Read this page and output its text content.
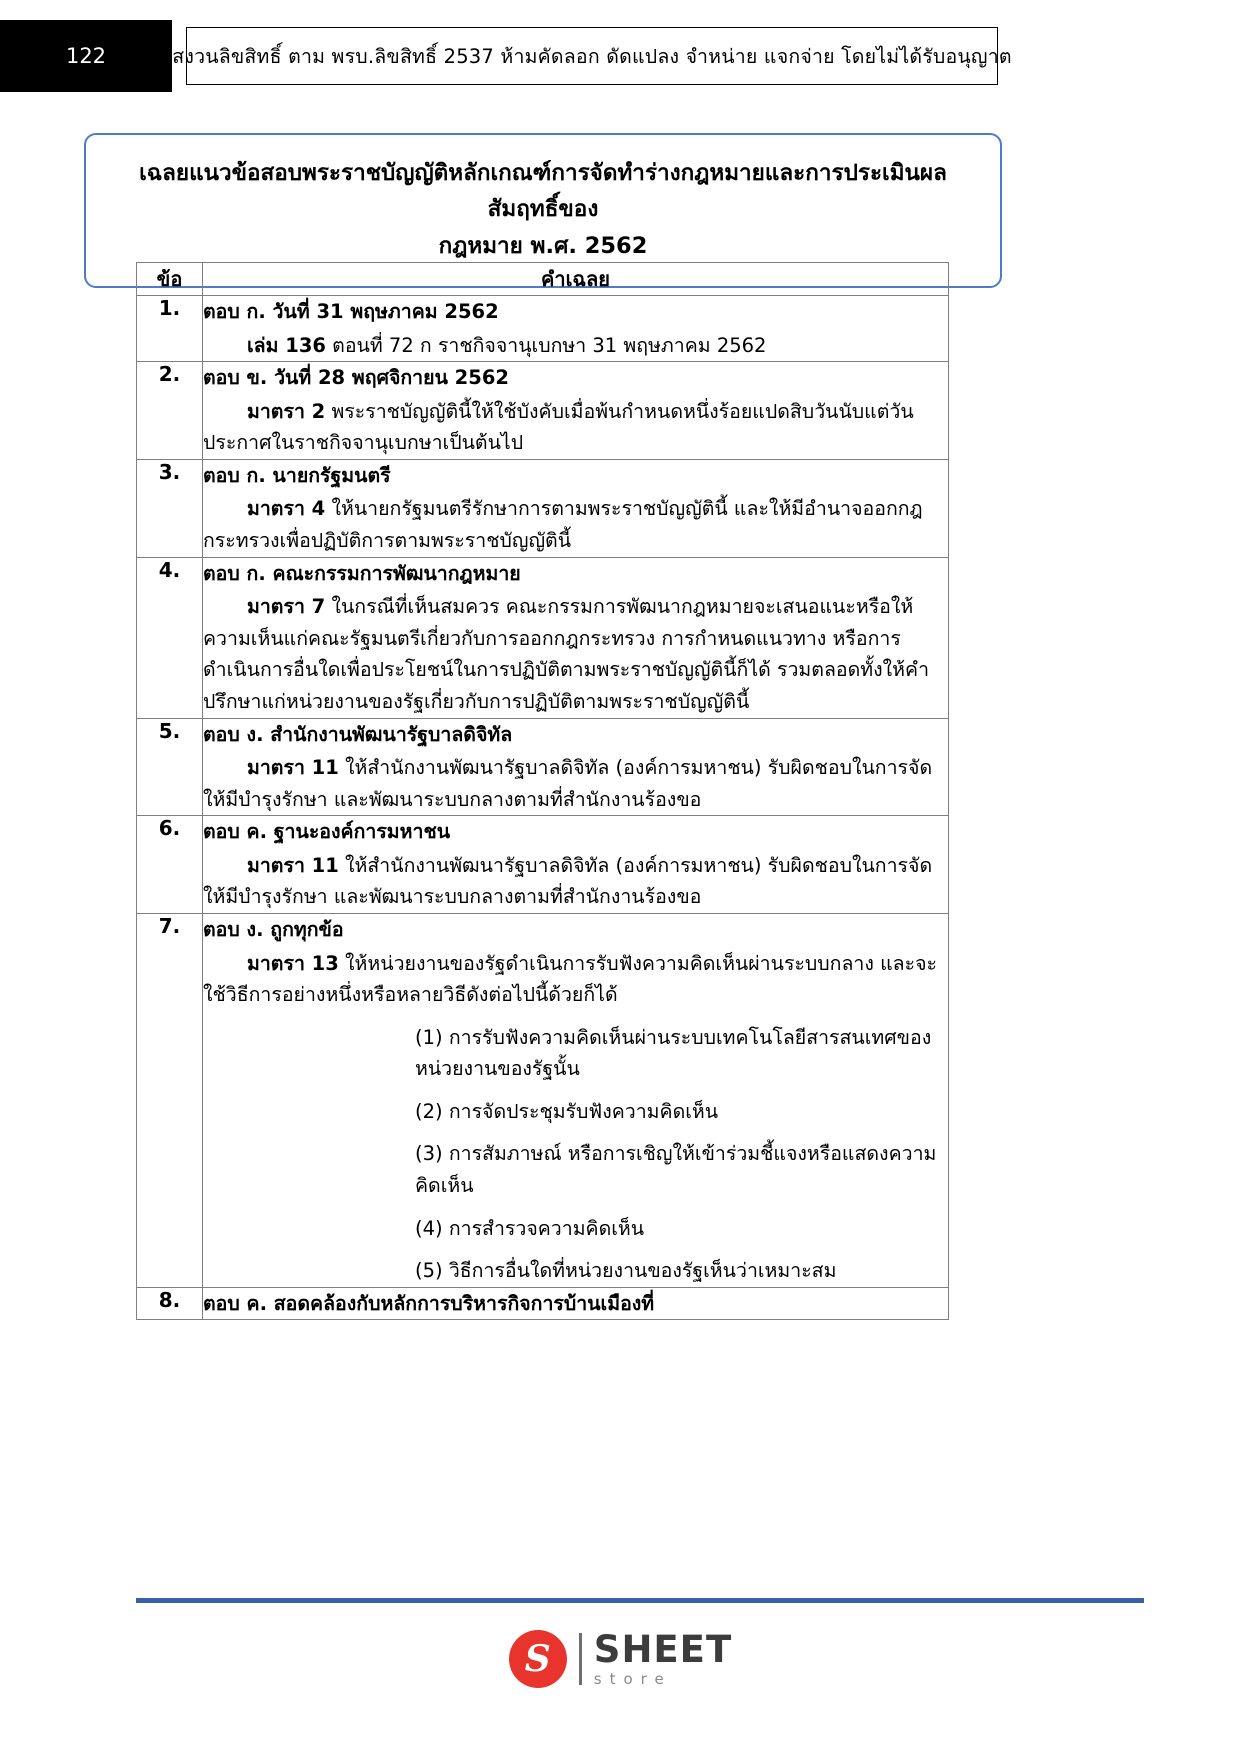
122	สงวนลิขสิทธิ์ ตาม พรบ.ลิขสิทธิ์ 2537 ห้ามคัดลอก ดัดแปลง จำหน่าย แจกจ่าย โดยไม่ได้รับอนุญาต
เฉลยแนวข้อสอบพระราชบัญญัติหลักเกณฑ์การจัดทำร่างกฎหมายและการประเมินผลสัมฤทธิ์ของ
กฎหมาย พ.ศ. 2562
ข้อ	คำเฉลย
1.	ตอบ ก. วันที่ 31 พฤษภาคม 2562
เล่ม 136 ตอนที่ 72 ก ราชกิจจานุเบกษา 31 พฤษภาคม 2562

2.	ตอบ ข. วันที่ 28 พฤศจิกายน 2562
มาตรา 2 พระราชบัญญัตินี้ให้ใช้บังคับเมื่อพ้นกำหนดหนึ่งร้อยแปดสิบวันนับแต่วันประกาศในราชกิจจานุเบกษาเป็นต้นไป

3.	ตอบ ก. นายกรัฐมนตรี
มาตรา 4 ให้นายกรัฐมนตรีรักษาการตามพระราชบัญญัตินี้ และให้มีอำนาจออกกฎกระทรวงเพื่อปฏิบัติการตามพระราชบัญญัตินี้

4.	ตอบ ก. คณะกรรมการพัฒนากฎหมาย
มาตรา 7 ในกรณีที่เห็นสมควร คณะกรรมการพัฒนากฎหมายจะเสนอแนะหรือให้ความเห็นแก่คณะรัฐมนตรีเกี่ยวกับการออกกฎกระทรวง การกำหนดแนวทาง หรือการดำเนินการอื่นใดเพื่อประโยชน์ในการปฏิบัติตามพระราชบัญญัตินี้ก็ได้ รวมตลอดทั้งให้คำปรึกษาแก่หน่วยงานของรัฐเกี่ยวกับการปฏิบัติตามพระราชบัญญัตินี้

5.	ตอบ ง. สำนักงานพัฒนารัฐบาลดิจิทัล
มาตรา 11 ให้สำนักงานพัฒนารัฐบาลดิจิทัล (องค์การมหาชน) รับผิดชอบในการจัดให้มีบำรุงรักษา และพัฒนาระบบกลางตามที่สำนักงานร้องขอ

6.	ตอบ ค. ฐานะองค์การมหาชน
มาตรา 11 ให้สำนักงานพัฒนารัฐบาลดิจิทัล (องค์การมหาชน) รับผิดชอบในการจัดให้มีบำรุงรักษา และพัฒนาระบบกลางตามที่สำนักงานร้องขอ

7.	ตอบ ง. ถูกทุกข้อ
มาตรา 13 ให้หน่วยงานของรัฐดำเนินการรับฟังความคิดเห็นผ่านระบบกลาง และจะใช้วิธีการอย่างหนึ่งหรือหลายวิธีดังต่อไปนี้ด้วยก็ได้
(1) การรับฟังความคิดเห็นผ่านระบบเทคโนโลยีสารสนเทศของหน่วยงานของรัฐนั้น
(2) การจัดประชุมรับฟังความคิดเห็น
(3) การสัมภาษณ์ หรือการเชิญให้เข้าร่วมชี้แจงหรือแสดงความคิดเห็น
(4) การสำรวจความคิดเห็น
(5) วิธีการอื่นใดที่หน่วยงานของรัฐเห็นว่าเหมาะสม

8.	ตอบ ค. สอดคล้องกับหลักการบริหารกิจการบ้านเมืองที่
S	SHEET
store
